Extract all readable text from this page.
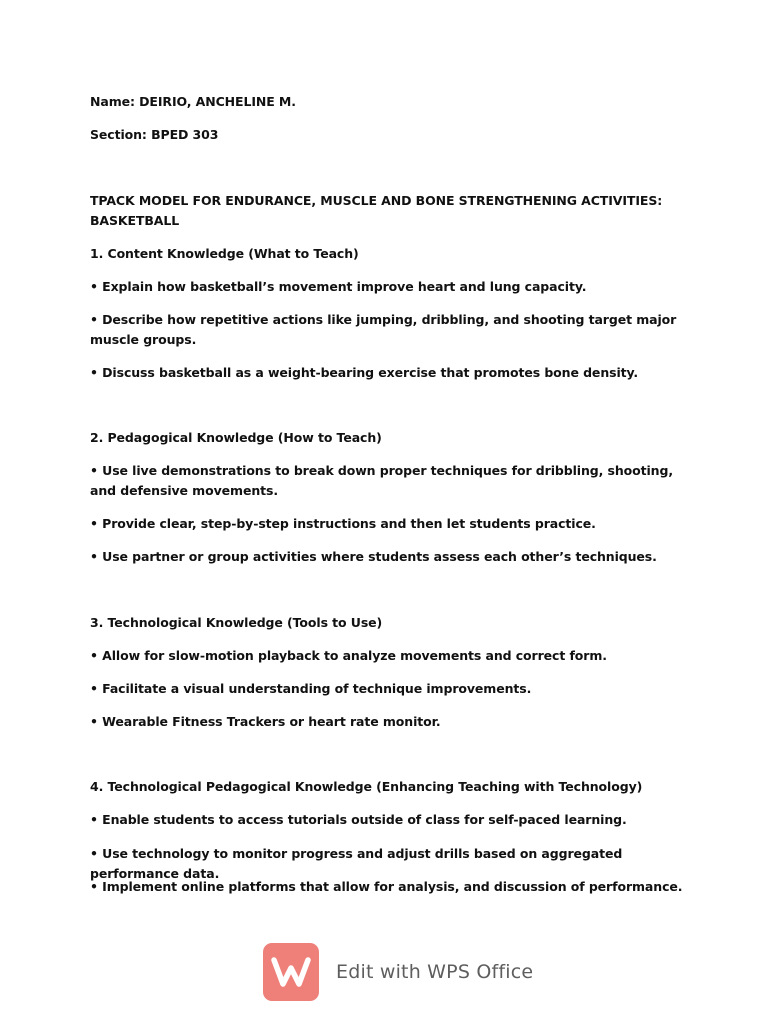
Name: DEIRIO, ANCHELINE M.
Section: BPED 303
TPACK MODEL FOR ENDURANCE, MUSCLE AND BONE STRENGTHENING ACTIVITIES:
BASKETBALL
1. Content Knowledge (What to Teach)
• Explain how basketball’s movement improve heart and lung capacity.
• Describe how repetitive actions like jumping, dribbling, and shooting target major muscle groups.
• Discuss basketball as a weight-bearing exercise that promotes bone density.
2. Pedagogical Knowledge (How to Teach)
• Use live demonstrations to break down proper techniques for dribbling, shooting, and defensive movements.
• Provide clear, step-by-step instructions and then let students practice.
• Use partner or group activities where students assess each other’s techniques.
3. Technological Knowledge (Tools to Use)
• Allow for slow-motion playback to analyze movements and correct form.
• Facilitate a visual understanding of technique improvements.
• Wearable Fitness Trackers or heart rate monitor.
4. Technological Pedagogical Knowledge (Enhancing Teaching with Technology)
• Enable students to access tutorials outside of class for self-paced learning.
• Use technology to monitor progress and adjust drills based on aggregated performance data.
• Implement online platforms that allow for analysis, and discussion of performance.
Edit with WPS Office
